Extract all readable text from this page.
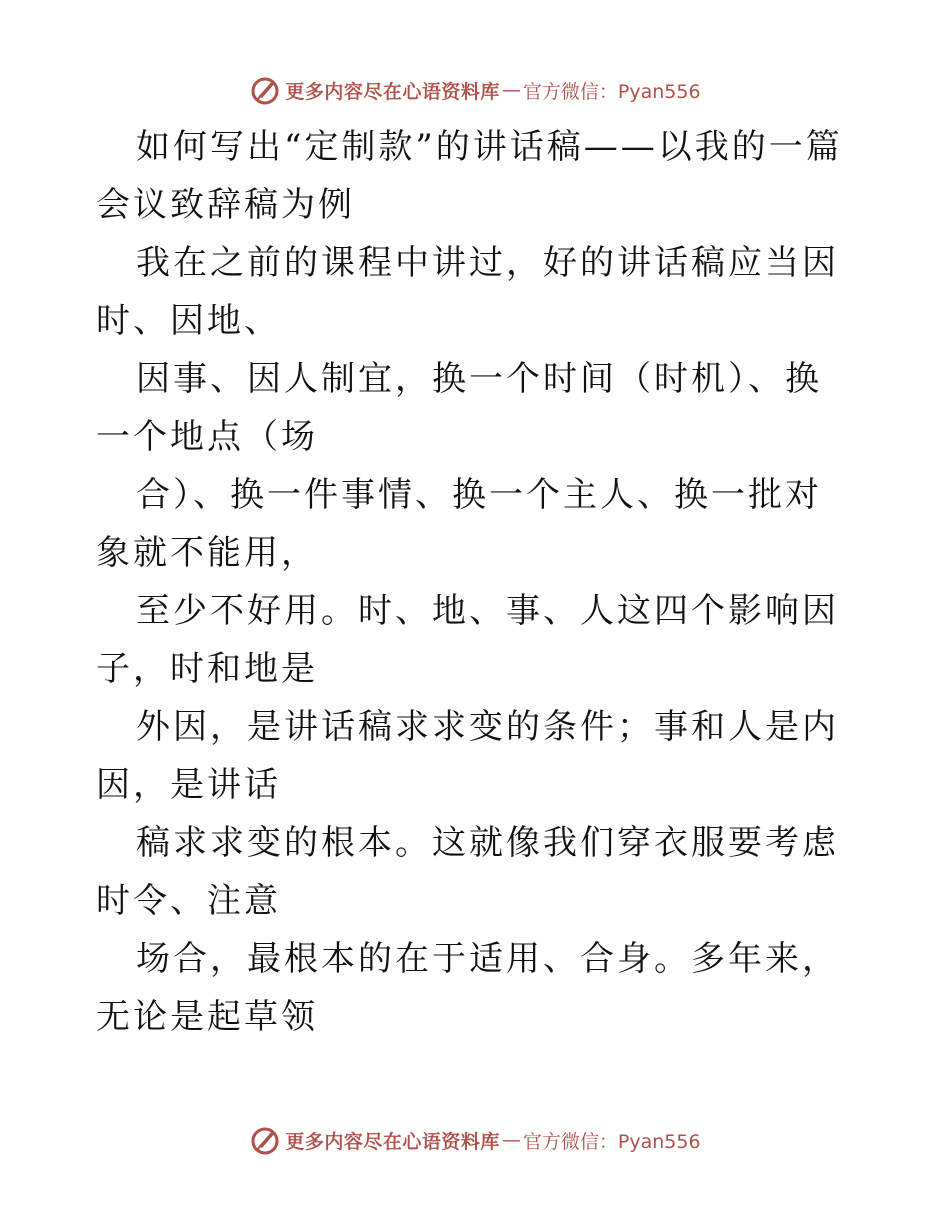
更多内容尽在心语资料库 — 官方微信：Pyan556

如何写出“定制款”的讲话稿——以我的一篇会议致辞稿为例

我在之前的课程中讲过，好的讲话稿应当因时、因地、

因事、因人制宜，换一个时间（时机）、换一个地点（场

合）、换一件事情、换一个主人、换一批对象就不能用，

至少不好用。时、地、事、人这四个影响因子，时和地是

外因，是讲话稿求求变的条件；事和人是内因，是讲话

稿求求变的根本。这就像我们穿衣服要考虑时令、注意

场合，最根本的在于适用、合身。多年来，无论是起草领

更多内容尽在心语资料库 — 官方微信：Pyan556
